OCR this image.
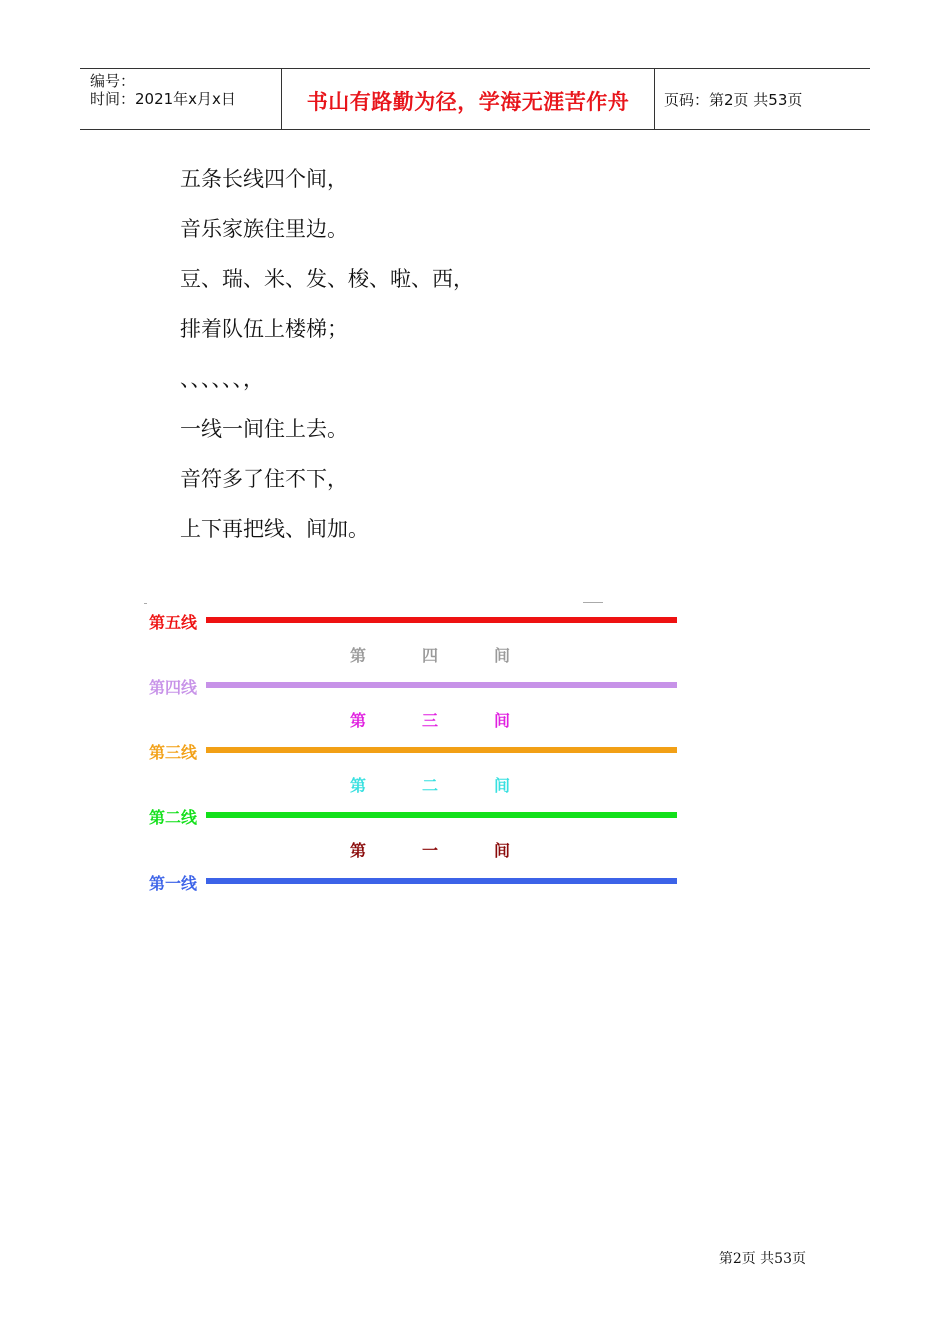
编号：
时间：2021年x月x日	书山有路勤为径，学海无涯苦作舟	页码：第2页 共53页
五条长线四个间，
音乐家族住里边。
豆、瑞、米、发、梭、啦、西，
排着队伍上楼梯；
、、、、、、，
一线一间住上去。
音符多了住不下，
上下再把线、间加。
第五线
第四线
第三线
第二线
第一线
第	四	间
第	三	间
第	二	间
第	一	间
第2页 共53页
